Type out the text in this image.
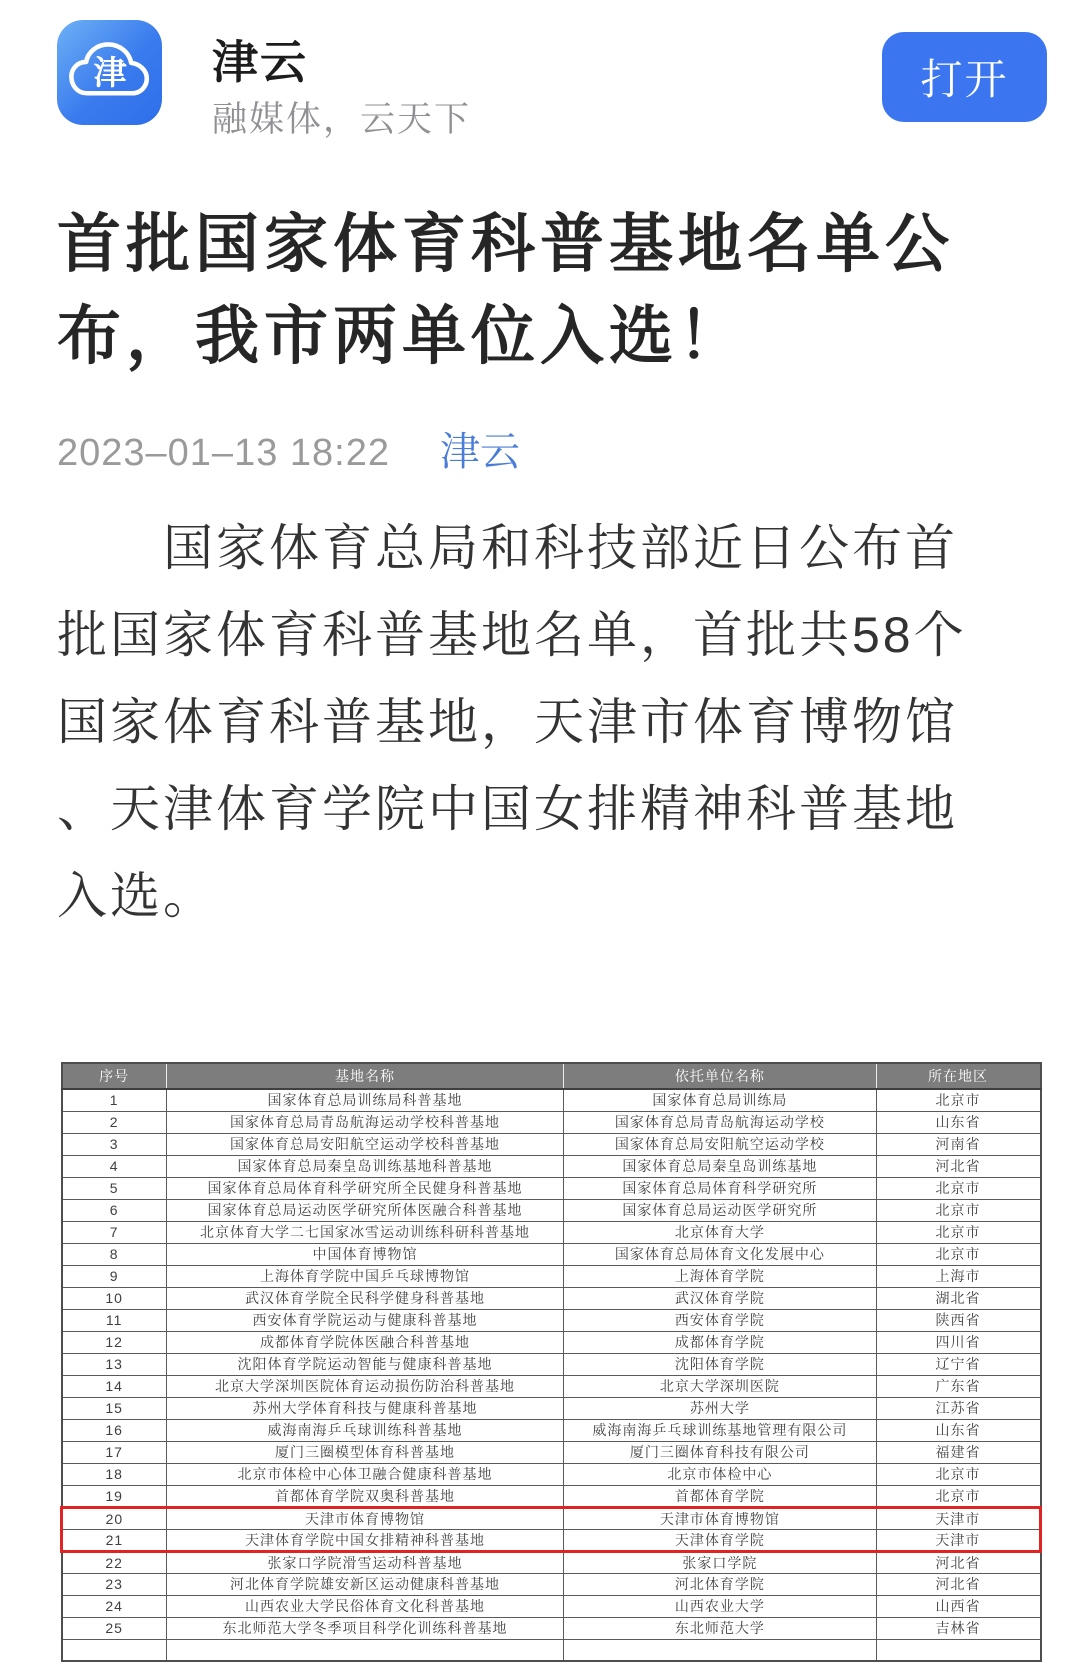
津 津云
融媒体，云天下
打开
首批国家体育科普基地名单公布，我市两单位入选！
2023–01–13 18:22 津云

国家体育总局和科技部近日公布首批国家体育科普基地名单，首批共58个国家体育科普基地，天津市体育博物馆、天津体育学院中国女排精神科普基地入选。

序号	基地名称	依托单位名称	所在地区
1	国家体育总局训练局科普基地	国家体育总局训练局	北京市
2	国家体育总局青岛航海运动学校科普基地	国家体育总局青岛航海运动学校	山东省
3	国家体育总局安阳航空运动学校科普基地	国家体育总局安阳航空运动学校	河南省
4	国家体育总局秦皇岛训练基地科普基地	国家体育总局秦皇岛训练基地	河北省
5	国家体育总局体育科学研究所全民健身科普基地	国家体育总局体育科学研究所	北京市
6	国家体育总局运动医学研究所体医融合科普基地	国家体育总局运动医学研究所	北京市
7	北京体育大学二七国家冰雪运动训练科研科普基地	北京体育大学	北京市
8	中国体育博物馆	国家体育总局体育文化发展中心	北京市
9	上海体育学院中国乒乓球博物馆	上海体育学院	上海市
10	武汉体育学院全民科学健身科普基地	武汉体育学院	湖北省
11	西安体育学院运动与健康科普基地	西安体育学院	陕西省
12	成都体育学院体医融合科普基地	成都体育学院	四川省
13	沈阳体育学院运动智能与健康科普基地	沈阳体育学院	辽宁省
14	北京大学深圳医院体育运动损伤防治科普基地	北京大学深圳医院	广东省
15	苏州大学体育科技与健康科普基地	苏州大学	江苏省
16	威海南海乒乓球训练科普基地	威海南海乒乓球训练基地管理有限公司	山东省
17	厦门三圈模型体育科普基地	厦门三圈体育科技有限公司	福建省
18	北京市体检中心体卫融合健康科普基地	北京市体检中心	北京市
19	首都体育学院双奥科普基地	首都体育学院	北京市
20	天津市体育博物馆	天津市体育博物馆	天津市
21	天津体育学院中国女排精神科普基地	天津体育学院	天津市
22	张家口学院滑雪运动科普基地	张家口学院	河北省
23	河北体育学院雄安新区运动健康科普基地	河北体育学院	河北省
24	山西农业大学民俗体育文化科普基地	山西农业大学	山西省
25	东北师范大学冬季项目科学化训练科普基地	东北师范大学	吉林省
